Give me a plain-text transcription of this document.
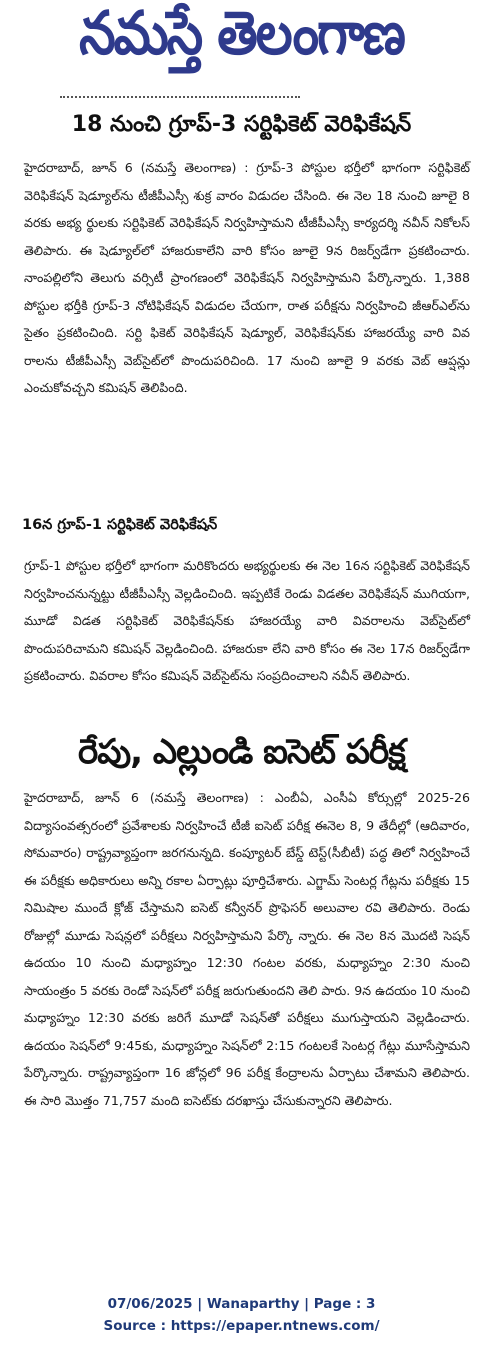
నమస్తే తెలంగాణ
18 నుంచి గ్రూప్-3 సర్టిఫికెట్ వెరిఫికేషన్

హైదరాబాద్, జూన్ 6 (నమస్తే తెలంగాణ) : గ్రూప్-3 పోస్టుల భర్తీలో భాగంగా సర్టిఫికెట్ వెరిఫికేషన్ షెడ్యూల్‌ను టీజీపీఎస్సీ శుక్ర వారం విడుదల చేసింది. ఈ నెల 18 నుంచి జూలై 8 వరకు అభ్య ర్థులకు సర్టిఫికెట్ వెరిఫికేషన్ నిర్వహిస్తామని టీజీపీఎస్సీ కార్యదర్శి నవీన్ నికోలస్ తెలిపారు. ఈ షెడ్యూల్‌లో హాజరుకాలేని వారి కోసం జూలై 9న రిజర్వ్‌డేగా ప్రకటించారు. నాంపల్లిలోని తెలుగు వర్సిటీ ప్రాంగణంలో వెరిఫికేషన్ నిర్వహిస్తామని పేర్కొన్నారు. 1,388 పోస్టుల భర్తీకి గ్రూప్-3 నోటిఫికేషన్ విడుదల చేయగా, రాత పరీక్షను నిర్వహించి జీఆర్‌ఎల్‌ను సైతం ప్రకటించింది. సర్టి ఫికెట్ వెరిఫికేషన్ షెడ్యూల్, వెరిఫికేషన్‌కు హాజరయ్యే వారి వివ రాలను టీజీపీఎస్సీ వెబ్‌సైట్‌లో పొందుపరిచింది. 17 నుంచి జూలై 9 వరకు వెబ్ ఆప్షన్లు ఎంచుకోవచ్చని కమిషన్ తెలిపింది.

16న గ్రూప్-1 సర్టిఫికెట్ వెరిఫికేషన్

గ్రూప్-1 పోస్టుల భర్తీలో భాగంగా మరికొందరు అభ్యర్థులకు ఈ నెల 16న సర్టిఫికెట్ వెరిఫికేషన్ నిర్వహించనున్నట్టు టీజీపీఎస్సీ వెల్లడించింది. ఇప్పటికే రెండు విడతల వెరిఫికేషన్ ముగియగా, మూడో విడత సర్టిఫికెట్ వెరిఫికేషన్‌కు హాజరయ్యే వారి వివరాలను వెబ్‌సైట్‌లో పొందుపరిచామని కమిషన్ వెల్లడించింది. హాజరుకా లేని వారి కోసం ఈ నెల 17న రిజర్వ్‌డేగా ప్రకటించారు. వివరాల కోసం కమిషన్ వెబ్‌సైట్‌ను సంప్రదించాలని నవీన్ తెలిపారు.

రేపు, ఎల్లుండి ఐసెట్ పరీక్ష

హైదరాబాద్, జూన్ 6 (నమస్తే తెలంగాణ) : ఎంబీఏ, ఎంసీఏ కోర్సుల్లో 2025-26 విద్యాసంవత్సరంలో ప్రవేశాలకు నిర్వహించే టీజీ ఐసెట్ పరీక్ష ఈనెల 8, 9 తేదీల్లో (ఆదివారం, సోమవారం) రాష్ట్రవ్యాప్తంగా జరగనున్నది. కంప్యూటర్ బేస్డ్ టెస్ట్(సీబీటీ) పద్ధ తిలో నిర్వహించే ఈ పరీక్షకు అధికారులు అన్ని రకాల ఏర్పాట్లు పూర్తిచేశారు. ఎగ్జామ్ సెంటర్ల గేట్లను పరీక్షకు 15 నిమిషాల ముందే క్లోజ్ చేస్తామని ఐసెట్ కన్వీనర్ ప్రొఫెసర్ అలువాల రవి తెలిపారు. రెండు రోజుల్లో మూడు సెషన్లలో పరీక్షలు నిర్వహిస్తామని పేర్కొ న్నారు. ఈ నెల 8న మొదటి సెషన్ ఉదయం 10 నుంచి మధ్యాహ్నం 12:30 గంటల వరకు, మధ్యాహ్నం 2:30 నుంచి సాయంత్రం 5 వరకు రెండో సెషన్‌లో పరీక్ష జరుగుతుందని తెలి పారు. 9న ఉదయం 10 నుంచి మధ్యాహ్నం 12:30 వరకు జరిగే మూడో సెషన్‌తో పరీక్షలు ముగుస్తాయని వెల్లడించారు. ఉదయం సెషన్‌లో 9:45కు, మధ్యాహ్నం సెషన్‌లో 2:15 గంటలకే సెంటర్ల గేట్లు మూసేస్తామని పేర్కొన్నారు. రాష్ట్రవ్యాప్తంగా 16 జోన్లలో 96 పరీక్ష కేంద్రాలను ఏర్పాటు చేశామని తెలిపారు. ఈ సారి మొత్తం 71,757 మంది ఐసెట్‌కు దరఖాస్తు చేసుకున్నారని తెలిపారు.

07/06/2025 | Wanaparthy | Page : 3
Source : https://epaper.ntnews.com/
